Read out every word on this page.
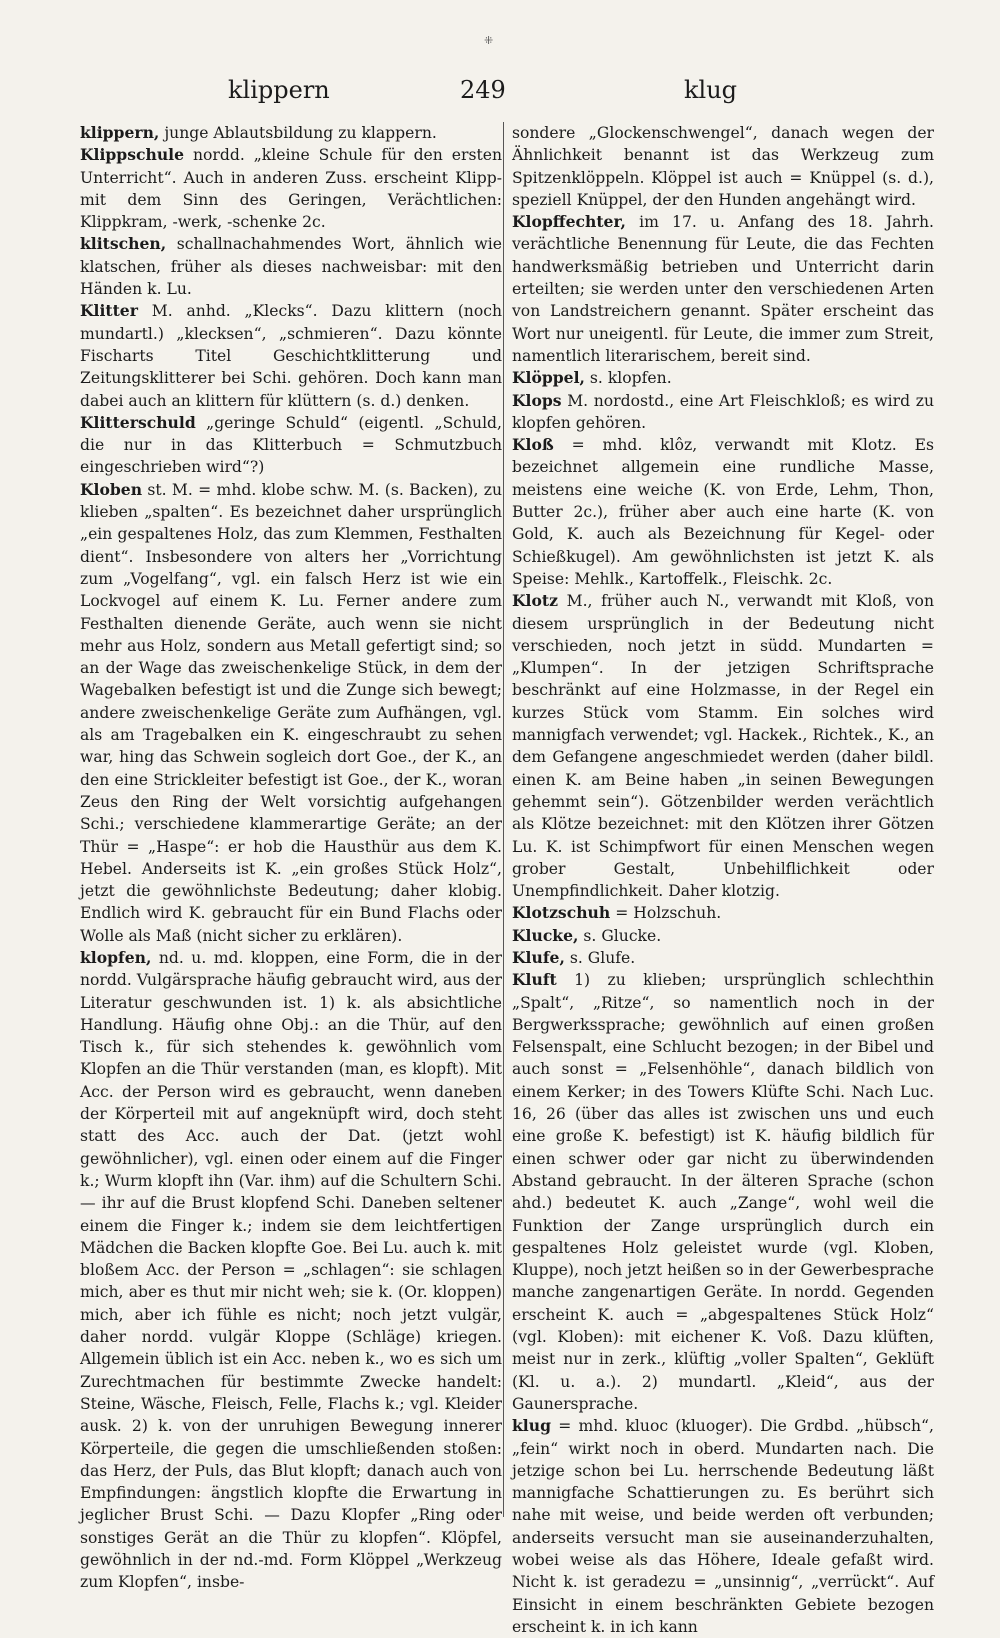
⁜
klippern	249	klug

klippern, junge Ablautsbildung zu klappern.

Klippschule nordd. „kleine Schule für den ersten Unterricht“. Auch in anderen Zuss. erscheint Klipp- mit dem Sinn des Geringen, Verächtlichen: Klippkram, -werk, -schenke 2c.

klitschen, schallnachahmendes Wort, ähnlich wie klatschen, früher als dieses nachweisbar: mit den Händen k. Lu.

Klitter M. anhd. „Klecks“. Dazu klittern (noch mundartl.) „klecksen“, „schmieren“. Dazu könnte Fischarts Titel Geschichtklitterung und Zeitungsklitterer bei Schi. gehören. Doch kann man dabei auch an klittern für klüttern (s. d.) denken.

Klitterschuld „geringe Schuld“ (eigentl. „Schuld, die nur in das Klitterbuch = Schmutzbuch eingeschrieben wird“?)

Kloben st. M. = mhd. klobe schw. M. (s. Backen), zu klieben „spalten“. Es bezeichnet daher ursprünglich „ein gespaltenes Holz, das zum Klemmen, Festhalten dient“. Insbesondere von alters her „Vorrichtung zum „Vogelfang“, vgl. ein falsch Herz ist wie ein Lockvogel auf einem K. Lu. Ferner andere zum Festhalten dienende Geräte, auch wenn sie nicht mehr aus Holz, sondern aus Metall gefertigt sind; so an der Wage das zweischenkelige Stück, in dem der Wagebalken befestigt ist und die Zunge sich bewegt; andere zweischenkelige Geräte zum Aufhängen, vgl. als am Tragebalken ein K. eingeschraubt zu sehen war, hing das Schwein sogleich dort Goe., der K., an den eine Strickleiter befestigt ist Goe., der K., woran Zeus den Ring der Welt vorsichtig aufgehangen Schi.; verschiedene klammerartige Geräte; an der Thür = „Haspe“: er hob die Hausthür aus dem K. Hebel. Anderseits ist K. „ein großes Stück Holz“, jetzt die gewöhnlichste Bedeutung; daher klobig. Endlich wird K. gebraucht für ein Bund Flachs oder Wolle als Maß (nicht sicher zu erklären).

klopfen, nd. u. md. kloppen, eine Form, die in der nordd. Vulgärsprache häufig gebraucht wird, aus der Literatur geschwunden ist. 1) k. als absichtliche Handlung. Häufig ohne Obj.: an die Thür, auf den Tisch k., für sich stehendes k. gewöhnlich vom Klopfen an die Thür verstanden (man, es klopft). Mit Acc. der Person wird es gebraucht, wenn daneben der Körperteil mit auf angeknüpft wird, doch steht statt des Acc. auch der Dat. (jetzt wohl gewöhnlicher), vgl. einen oder einem auf die Finger k.; Wurm klopft ihn (Var. ihm) auf die Schultern Schi. — ihr auf die Brust klopfend Schi. Daneben seltener einem die Finger k.; indem sie dem leichtfertigen Mädchen die Backen klopfte Goe. Bei Lu. auch k. mit bloßem Acc. der Person = „schlagen“: sie schlagen mich, aber es thut mir nicht weh; sie k. (Or. kloppen) mich, aber ich fühle es nicht; noch jetzt vulgär, daher nordd. vulgär Kloppe (Schläge) kriegen. Allgemein üblich ist ein Acc. neben k., wo es sich um Zurechtmachen für bestimmte Zwecke handelt: Steine, Wäsche, Fleisch, Felle, Flachs k.; vgl. Kleider ausk. 2) k. von der unruhigen Bewegung innerer Körperteile, die gegen die umschließenden stoßen: das Herz, der Puls, das Blut klopft; danach auch von Empfindungen: ängstlich klopfte die Erwartung in jeglicher Brust Schi. — Dazu Klopfer „Ring oder sonstiges Gerät an die Thür zu klopfen“. Klöpfel, gewöhnlich in der nd.-md. Form Klöppel „Werkzeug zum Klopfen“, insbe-

sondere „Glockenschwengel“, danach wegen der Ähnlichkeit benannt ist das Werkzeug zum Spitzenklöppeln. Klöppel ist auch = Knüppel (s. d.), speziell Knüppel, der den Hunden angehängt wird.

Klopffechter, im 17. u. Anfang des 18. Jahrh. verächtliche Benennung für Leute, die das Fechten handwerksmäßig betrieben und Unterricht darin erteilten; sie werden unter den verschiedenen Arten von Landstreichern genannt. Später erscheint das Wort nur uneigentl. für Leute, die immer zum Streit, namentlich literarischem, bereit sind.

Klöppel, s. klopfen.

Klops M. nordostd., eine Art Fleischkloß; es wird zu klopfen gehören.

Kloß = mhd. klôz, verwandt mit Klotz. Es bezeichnet allgemein eine rundliche Masse, meistens eine weiche (K. von Erde, Lehm, Thon, Butter 2c.), früher aber auch eine harte (K. von Gold, K. auch als Bezeichnung für Kegel- oder Schießkugel). Am gewöhnlichsten ist jetzt K. als Speise: Mehlk., Kartoffelk., Fleischk. 2c.

Klotz M., früher auch N., verwandt mit Kloß, von diesem ursprünglich in der Bedeutung nicht verschieden, noch jetzt in südd. Mundarten = „Klumpen“. In der jetzigen Schriftsprache beschränkt auf eine Holzmasse, in der Regel ein kurzes Stück vom Stamm. Ein solches wird mannigfach verwendet; vgl. Hackek., Richtek., K., an dem Gefangene angeschmiedet werden (daher bildl. einen K. am Beine haben „in seinen Bewegungen gehemmt sein“). Götzenbilder werden verächtlich als Klötze bezeichnet: mit den Klötzen ihrer Götzen Lu. K. ist Schimpfwort für einen Menschen wegen grober Gestalt, Unbehilflichkeit oder Unempfindlichkeit. Daher klotzig.

Klotzschuh = Holzschuh.

Klucke, s. Glucke.

Klufe, s. Glufe.

Kluft 1) zu klieben; ursprünglich schlechthin „Spalt“, „Ritze“, so namentlich noch in der Bergwerkssprache; gewöhnlich auf einen großen Felsenspalt, eine Schlucht bezogen; in der Bibel und auch sonst = „Felsenhöhle“, danach bildlich von einem Kerker; in des Towers Klüfte Schi. Nach Luc. 16, 26 (über das alles ist zwischen uns und euch eine große K. befestigt) ist K. häufig bildlich für einen schwer oder gar nicht zu überwindenden Abstand gebraucht. In der älteren Sprache (schon ahd.) bedeutet K. auch „Zange“, wohl weil die Funktion der Zange ursprünglich durch ein gespaltenes Holz geleistet wurde (vgl. Kloben, Kluppe), noch jetzt heißen so in der Gewerbesprache manche zangenartigen Geräte. In nordd. Gegenden erscheint K. auch = „abgespaltenes Stück Holz“ (vgl. Kloben): mit eichener K. Voß. Dazu klüften, meist nur in zerk., klüftig „voller Spalten“, Geklüft (Kl. u. a.). 2) mundartl. „Kleid“, aus der Gaunersprache.

klug = mhd. kluoc (kluoger). Die Grdbd. „hübsch“, „fein“ wirkt noch in oberd. Mundarten nach. Die jetzige schon bei Lu. herrschende Bedeutung läßt mannigfache Schattierungen zu. Es berührt sich nahe mit weise, und beide werden oft verbunden; anderseits versucht man sie auseinanderzuhalten, wobei weise als das Höhere, Ideale gefaßt wird. Nicht k. ist geradezu = „unsinnig“, „verrückt“. Auf Einsicht in einem beschränkten Gebiete bezogen erscheint k. in ich kann
